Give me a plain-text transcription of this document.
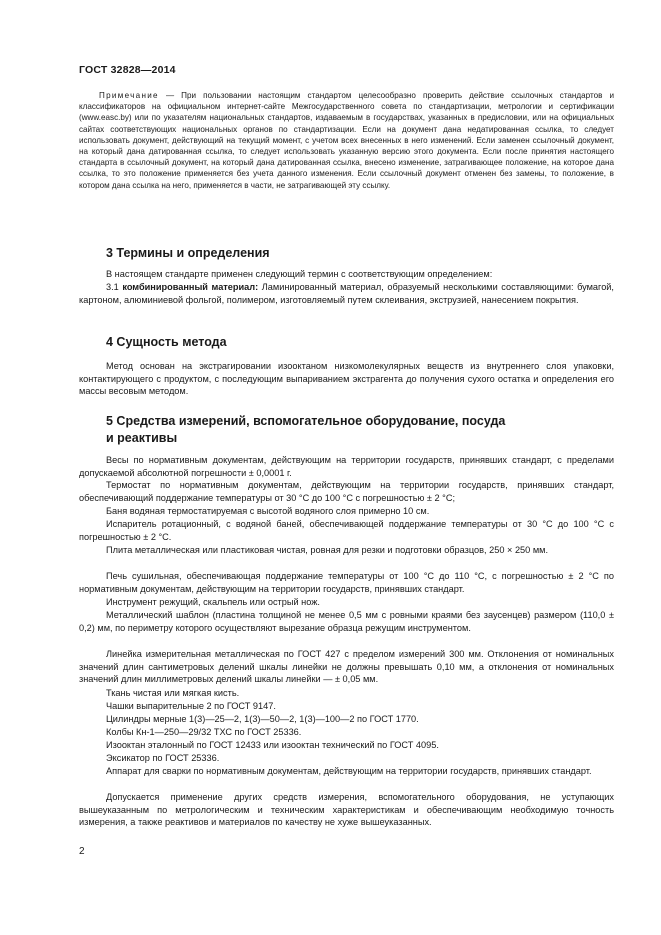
ГОСТ 32828—2014
Примечание — При пользовании настоящим стандартом целесообразно проверить действие ссылочных стандартов и классификаторов на официальном интернет-сайте Межгосударственного совета по стандартизации, метрологии и сертификации (www.easc.by) или по указателям национальных стандартов, издаваемым в государствах, указанных в предисловии, или на официальных сайтах соответствующих национальных органов по стандартизации. Если на документ дана недатированная ссылка, то следует использовать документ, действующий на текущий момент, с учетом всех внесенных в него изменений. Если заменен ссылочный документ, на который дана датированная ссылка, то следует использовать указанную версию этого документа. Если после принятия настоящего стандарта в ссылочный документ, на который дана датированная ссылка, внесено изменение, затрагивающее положение, на которое дана ссылка, то это положение применяется без учета данного изменения. Если ссылочный документ отменен без замены, то положение, в котором дана ссылка на него, применяется в части, не затрагивающей эту ссылку.
3 Термины и определения

В настоящем стандарте применен следующий термин с соответствующим определением:

3.1 комбинированный материал: Ламинированный материал, образуемый несколькими составляющими: бумагой, картоном, алюминиевой фольгой, полимером, изготовляемый путем склеивания, экструзией, нанесением покрытия.

4 Сущность метода

Метод основан на экстрагировании изооктаном низкомолекулярных веществ из внутреннего слоя упаковки, контактирующего с продуктом, с последующим выпариванием экстрагента до получения сухого остатка и определения его массы весовым методом.

5 Средства измерений, вспомогательное оборудование, посуда
и реактивы

Весы по нормативным документам, действующим на территории государств, принявших стандарт, с пределами допускаемой абсолютной погрешности ± 0,0001 г.

Термостат по нормативным документам, действующим на территории государств, принявших стандарт, обеспечивающий поддержание температуры от 30 °С до 100 °С с погрешностью ± 2 °С;

Баня водяная термостатируемая с высотой водяного слоя примерно 10 см.

Испаритель ротационный, с водяной баней, обеспечивающей поддержание температуры от 30 °С до 100 °С с погрешностью ± 2 °С.

Плита металлическая или пластиковая чистая, ровная для резки и подготовки образцов, 250 × 250 мм.

Печь сушильная, обеспечивающая поддержание температуры от 100 °С до 110 °С, с погрешностью ± 2 °С по нормативным документам, действующим на территории государств, принявших стандарт.

Инструмент режущий, скальпель или острый нож.

Металлический шаблон (пластина толщиной не менее 0,5 мм с ровными краями без заусенцев) размером (110,0 ± 0,2) мм, по периметру которого осуществляют вырезание образца режущим инструментом.

Линейка измерительная металлическая по ГОСТ 427 с пределом измерений 300 мм. Отклонения от номинальных значений длин сантиметровых делений шкалы линейки не должны превышать 0,10 мм, а отклонения от номинальных значений длин миллиметровых делений шкалы линейки — ± 0,05 мм.

Ткань чистая или мягкая кисть.

Чашки выпарительные 2 по ГОСТ 9147.

Цилиндры мерные 1(3)—25—2, 1(3)—50—2, 1(3)—100—2 по ГОСТ 1770.

Колбы Кн-1—250—29/32 ТХС по ГОСТ 25336.

Изооктан эталонный по ГОСТ 12433 или изооктан технический по ГОСТ 4095.

Эксикатор по ГОСТ 25336.

Аппарат для сварки по нормативным документам, действующим на территории государств, принявших стандарт.

Допускается применение других средств измерения, вспомогательного оборудования, не уступающих вышеуказанным по метрологическим и техническим характеристикам и обеспечивающим необходимую точность измерения, а также реактивов и материалов по качеству не хуже вышеуказанных.

2
